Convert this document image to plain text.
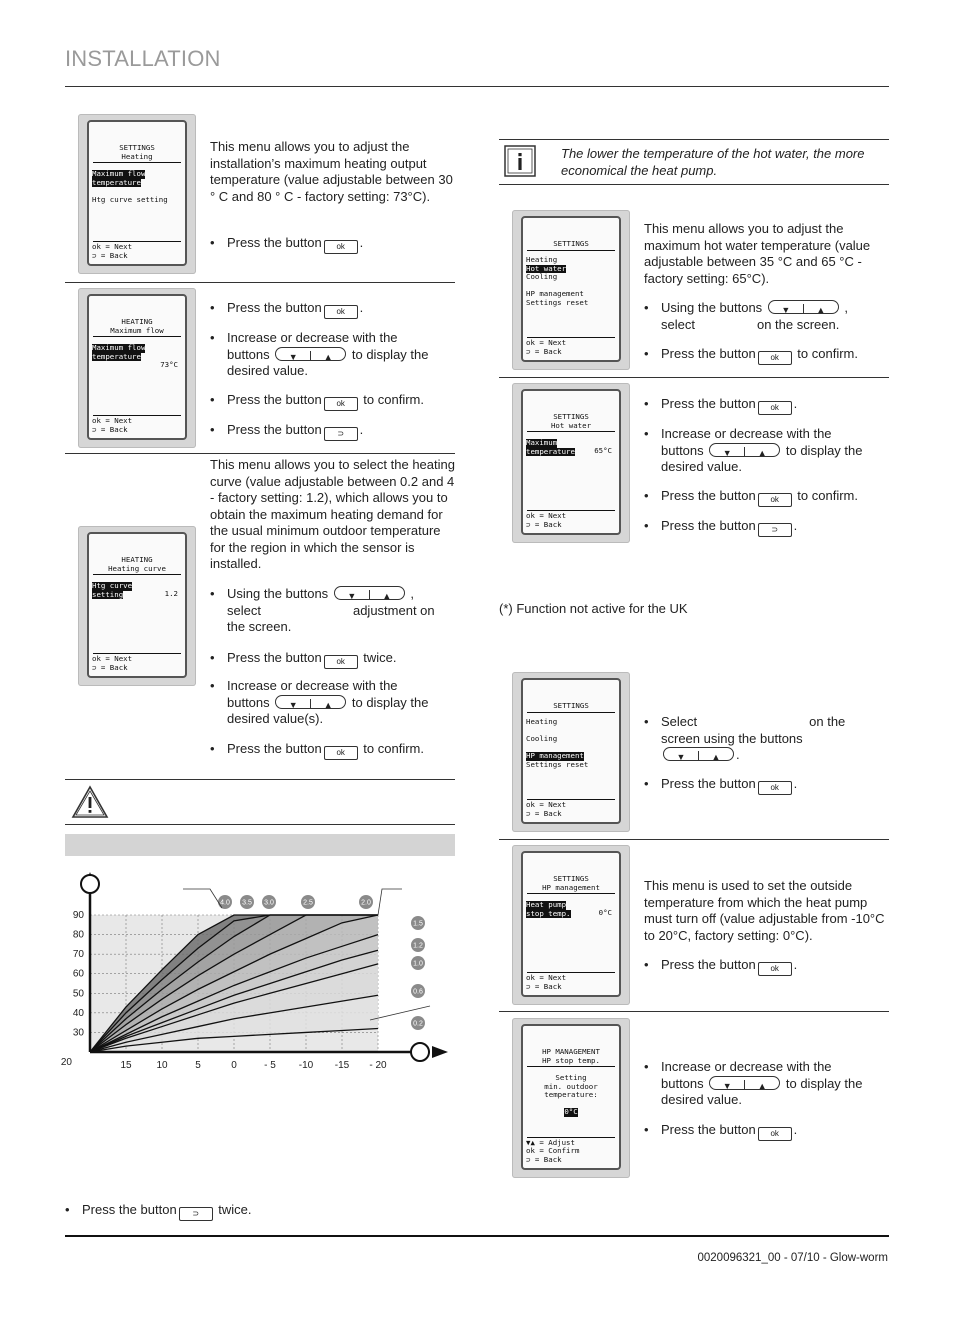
INSTALLATION
SETTINGS
Heating
Maximum flow
temperature

Htg curve setting
ok = Next
⊃ = Back
This menu allows you to adjust the installation’s maximum heating output temperature (value adjustable between 30 ° C and 80 ° C - factory setting: 73°C).
• Press the button ok .
HEATING
Maximum flow
Maximum flow
temperature

73°C
ok = Next
⊃ = Back
• Press the button ok .
• Increase or decrease with the
buttons ▼	▲ to display the
desired value.
• Press the button ok to confirm.
• Press the button ⊃ .
This menu allows you to select the heating curve (value adjustable between 0.2 and 4 - factory setting: 1.2), which allows you to obtain the maximum heating demand for the usual minimum outdoor temperature for the region in which the sensor is installed.
HEATING
Heating curve
Htg curve
setting	1.2
ok = Next
⊃ = Back
• Using the buttons ▼	▲ ,
select	adjustment on
the screen.
• Press the button ok twice.
• Increase or decrease with the
buttons ▼	▲ to display the
desired value(s).
• Press the button ok to confirm.
90
80
70
60
50
40
30
20	15 10	5	0	- 5 -10 -15 - 20
4.0 3.5 3.0	2.5	2.0
1.5
1.2
1.0
0.6
0.2
• Press the button ⊃ twice.
The lower the temperature of the hot water, the more economical the heat pump.
SETTINGS
Heating
Hot water
Cooling

HP management
Settings reset
ok = Next
⊃ = Back
This menu allows you to adjust the maximum hot water temperature (value adjustable between 35 °C and 65 °C - factory setting: 65°C).
• Using the buttons ▼	▲ ,
select	on the screen.
• Press the button ok to confirm.
SETTINGS
Hot water
Maximum
temperature	65°C
ok = Next
⊃ = Back
• Press the button ok .
• Increase or decrease with the
buttons ▼	▲ to display the
desired value.
• Press the button ok to confirm.
• Press the button ⊃ .
(*) Function not active for the UK
SETTINGS
Heating

Cooling

HP management
Settings reset
ok = Next
⊃ = Back
• Select	on the
screen using the buttons
▼	▲ .
• Press the button ok .
SETTINGS
HP management
Heat pump
stop temp.	0°C
ok = Next
⊃ = Back
This menu is used to set the outside temperature from which the heat pump must turn off (value adjustable from -10°C to 20°C, factory setting: 0°C).
• Press the button ok .
HP MANAGEMENT
HP stop temp.
Setting
min. outdoor
temperature:

0°C
▼▲ = Adjust
ok = Confirm
⊃ = Back
• Increase or decrease with the
buttons ▼	▲ to display the
desired value.
• Press the button ok .
0020096321_00 - 07/10 - Glow-worm
